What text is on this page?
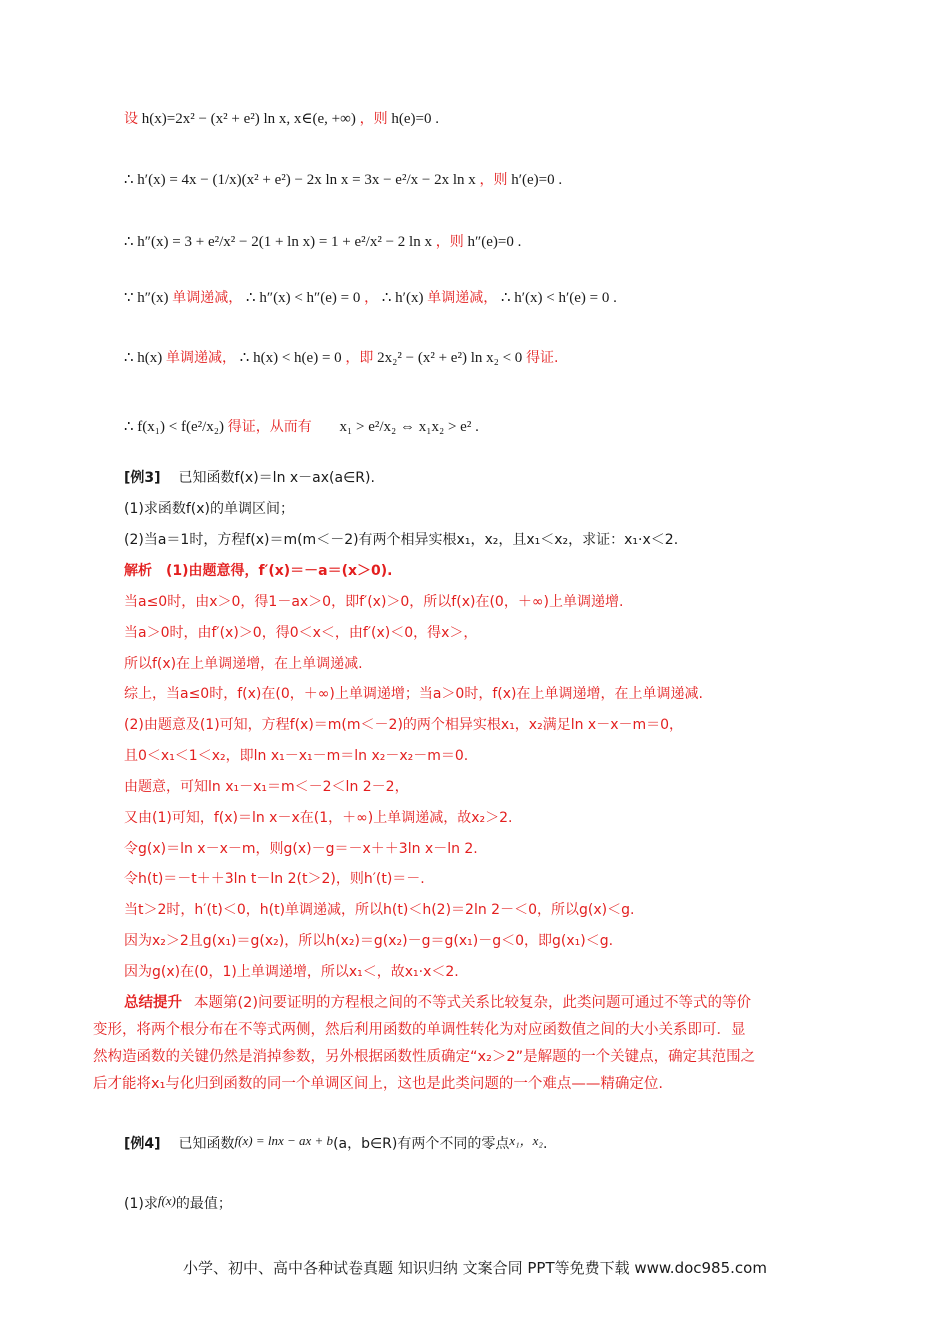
设 h(x)=2x² − (x² + e²) ln x, x∈(e, +∞) ，则 h(e)=0 .
∴ h′(x) = 4x − (1/x)(x² + e²) − 2x ln x = 3x − e²/x − 2x ln x ，则 h′(e)=0 .
∴ h″(x) = 3 + e²/x² − 2(1 + ln x) = 1 + e²/x² − 2 ln x ，则 h″(e)=0 .
∵ h″(x) 单调递减， ∴ h″(x) < h″(e) = 0 ， ∴ h′(x) 单调递减， ∴ h′(x) < h′(e) = 0 .
∴ h(x) 单调递减， ∴ h(x) < h(e) = 0 ，即 2x₂² − (x² + e²) ln x₂ < 0 得证.
∴ f(x₁) < f(e²/x₂) 得证，从而有 x₁ > e²/x₂ ⇔ x₁x₂ > e² .
[例3] 已知函数f(x)＝ln x－ax(a∈R).
(1)求函数f(x)的单调区间；
(2)当a＝1时，方程f(x)＝m(m＜－2)有两个相异实根x₁，x₂，且x₁＜x₂，求证：x₁·x＜2.
解析　(1)由题意得，f′(x)＝－a＝(x＞0).
当a≤0时，由x＞0，得1－ax＞0，即f′(x)＞0，所以f(x)在(0，＋∞)上单调递增.
当a＞0时，由f′(x)＞0，得0＜x＜，由f′(x)＜0，得x＞，
所以f(x)在上单调递增，在上单调递减.
综上，当a≤0时，f(x)在(0，＋∞)上单调递增；当a＞0时，f(x)在上单调递增，在上单调递减.
(2)由题意及(1)可知，方程f(x)＝m(m＜－2)的两个相异实根x₁，x₂满足ln x－x－m＝0，
且0＜x₁＜1＜x₂，即ln x₁－x₁－m＝ln x₂－x₂－m＝0.
由题意，可知ln x₁－x₁＝m＜－2＜ln 2－2，
又由(1)可知，f(x)＝ln x－x在(1，＋∞)上单调递减，故x₂＞2.
令g(x)＝ln x－x－m，则g(x)－g＝－x＋＋3ln x－ln 2.
令h(t)＝－t＋＋3ln t－ln 2(t＞2)，则h′(t)＝－.
当t＞2时，h′(t)＜0，h(t)单调递减，所以h(t)＜h(2)＝2ln 2－＜0，所以g(x)＜g.
因为x₂＞2且g(x₁)＝g(x₂)，所以h(x₂)＝g(x₂)－g＝g(x₁)－g＜0，即g(x₁)＜g.
因为g(x)在(0，1)上单调递增，所以x₁＜，故x₁·x＜2.
总结提升 本题第(2)问要证明的方程根之间的不等式关系比较复杂，此类问题可通过不等式的等价
变形，将两个根分布在不等式两侧，然后利用函数的单调性转化为对应函数值之间的大小关系即可．显
然构造函数的关键仍然是消掉参数，另外根据函数性质确定“x₂＞2”是解题的一个关键点，确定其范围之
后才能将x₁与化归到函数的同一个单调区间上，这也是此类问题的一个难点——精确定位.
[例4] 已知函数f(x) = lnx − ax + b(a，b∈R)有两个不同的零点x₁，x₂.
(1)求f(x)的最值；
小学、初中、高中各种试卷真题 知识归纳 文案合同 PPT等免费下载 www.doc985.com
